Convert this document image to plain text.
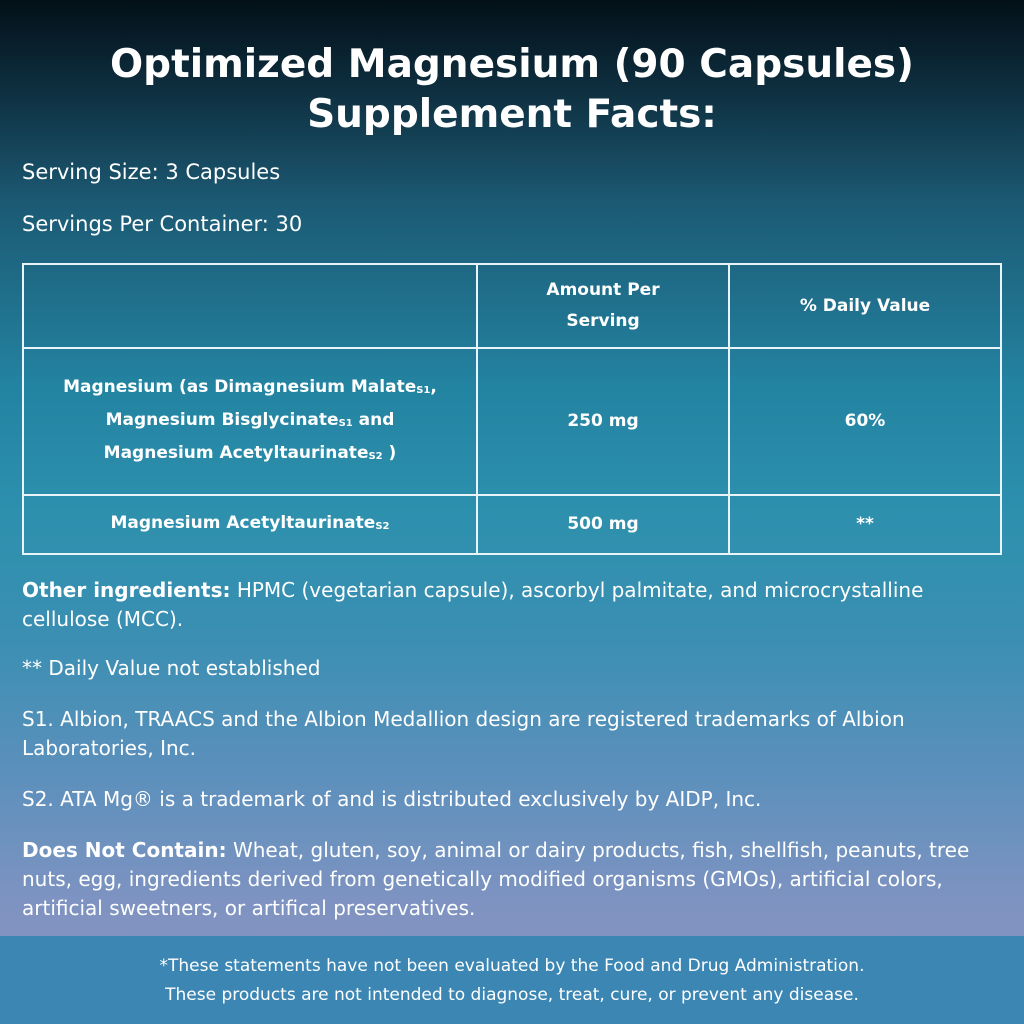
Optimized Magnesium (90 Capsules)
Supplement Facts:
Serving Size: 3 Capsules
Servings Per Container: 30
	Amount Per Serving	% Daily Value

Magnesium (as Dimagnesium Malate$_{S1}$,
Magnesium Bisglycinate$_{S1}$ and
Magnesium Acetyltaurinate$_{S2}$ )	250 mg	60%
Magnesium Acetyltaurinate$_{S2}$	500 mg	**
Other ingredients: HPMC (vegetarian capsule), ascorbyl palmitate, and microcrystalline cellulose (MCC).
** Daily Value not established
S1. Albion, TRAACS and the Albion Medallion design are registered trademarks of Albion Laboratories, Inc.
S2. ATA Mg® is a trademark of and is distributed exclusively by AIDP, Inc.
Does Not Contain: Wheat, gluten, soy, animal or dairy products, fish, shellfish, peanuts, tree nuts, egg, ingredients derived from genetically modified organisms (GMOs), artificial colors, artificial sweetners, or artifical preservatives.
*These statements have not been evaluated by the Food and Drug Administration.
These products are not intended to diagnose, treat, cure, or prevent any disease.
